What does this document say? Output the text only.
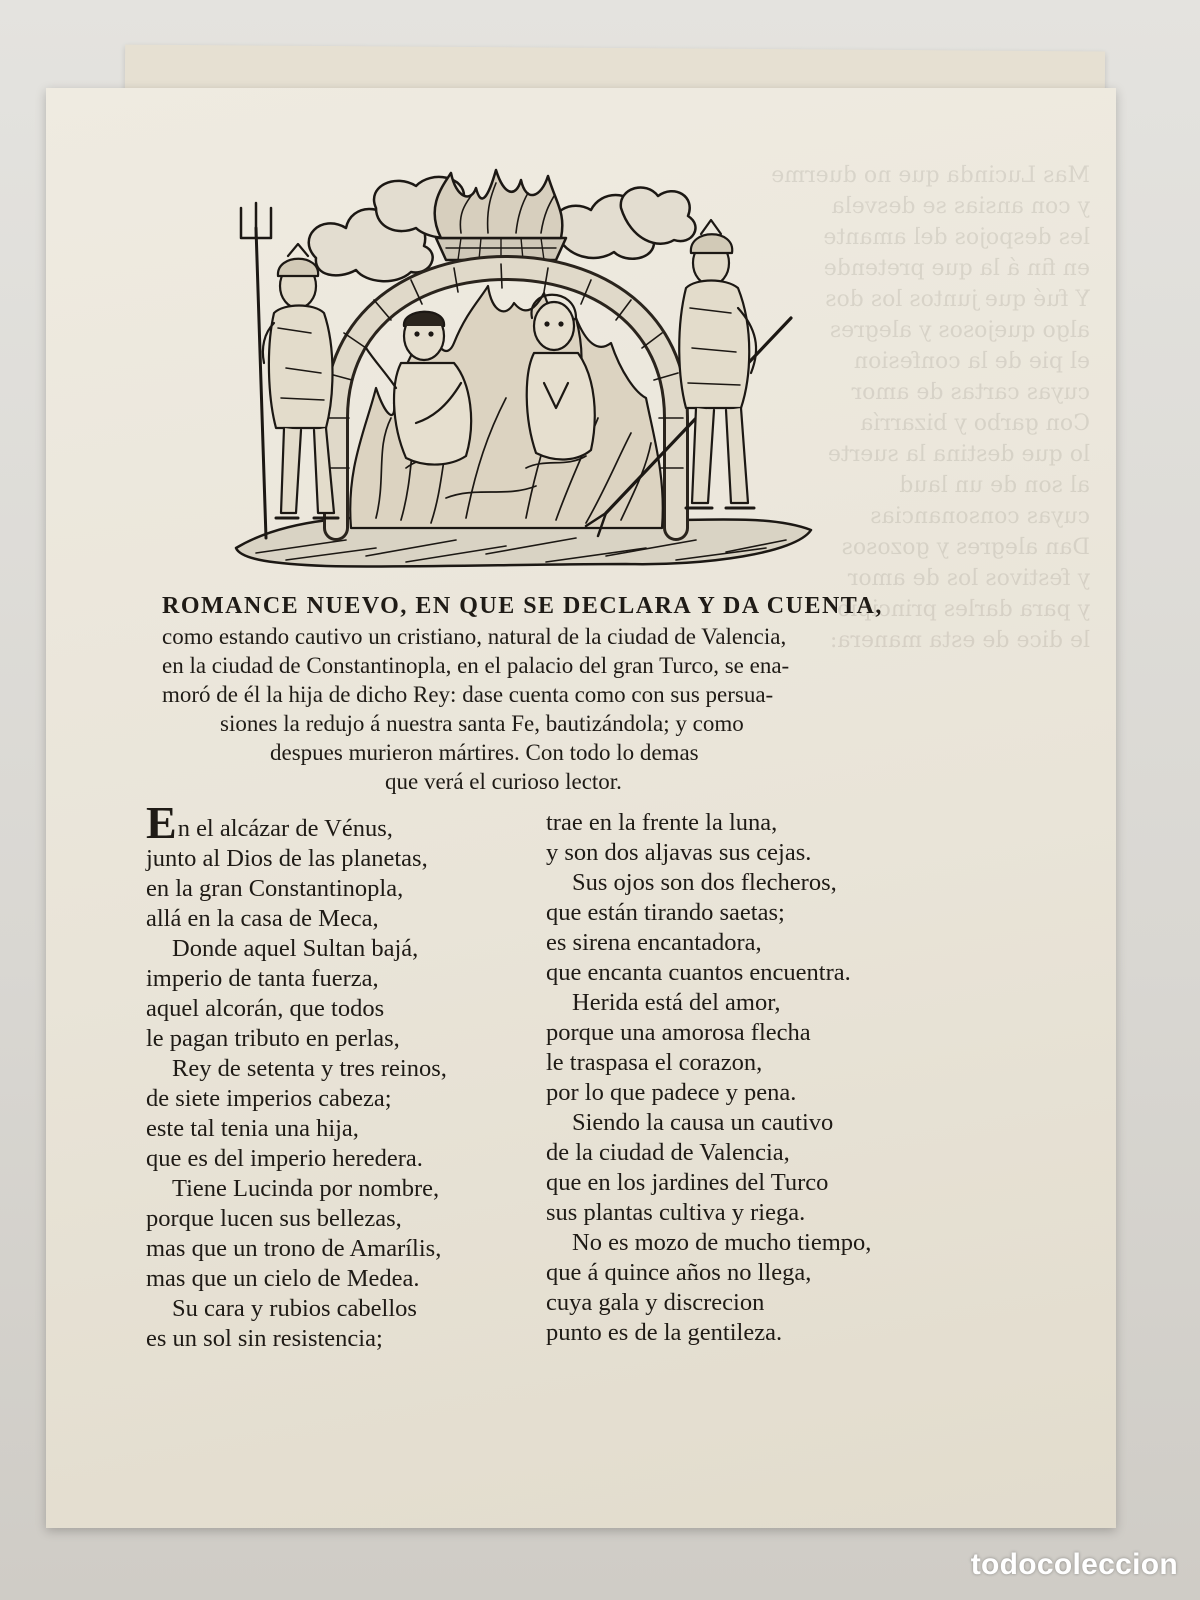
Mas Lucinda que no duerme
y con ansias se desvela
les despojos del amante
en fin á la que pretende
Y fué que juntos los dos
algo quejosos y alegres
el pie de la confesion
cuyas cartas de amor
Con garbo y bizarría
lo que destina la suerte
al son de un laud
cuyas consonancias
Dan alegres y gozosos
y festivos los de amor
y para darles principio
le dice de esta manera:
ROMANCE NUEVO, EN QUE SE DECLARA Y DA CUENTA,
como estando cautivo un cristiano, natural de la ciudad de Valencia,
en la ciudad de Constantinopla, en el palacio del gran Turco, se ena-
moró de él la hija de dicho Rey: dase cuenta como con sus persua-
siones la redujo á nuestra santa Fe, bautizándola; y como
despues murieron mártires. Con todo lo demas
que verá el curioso lector.
En el alcázar de Vénus,
junto al Dios de las planetas,
en la gran Constantinopla,
allá en la casa de Meca,
Donde aquel Sultan bajá,
imperio de tanta fuerza,
aquel alcorán, que todos
le pagan tributo en perlas,
Rey de setenta y tres reinos,
de siete imperios cabeza;
este tal tenia una hija,
que es del imperio heredera.
Tiene Lucinda por nombre,
porque lucen sus bellezas,
mas que un trono de Amarílis,
mas que un cielo de Medea.
Su cara y rubios cabellos
es un sol sin resistencia;
trae en la frente la luna,
y son dos aljavas sus cejas.
Sus ojos son dos flecheros,
que están tirando saetas;
es sirena encantadora,
que encanta cuantos encuentra.
Herida está del amor,
porque una amorosa flecha
le traspasa el corazon,
por lo que padece y pena.
Siendo la causa un cautivo
de la ciudad de Valencia,
que en los jardines del Turco
sus plantas cultiva y riega.
No es mozo de mucho tiempo,
que á quince años no llega,
cuya gala y discrecion
punto es de la gentileza.
todocoleccion
